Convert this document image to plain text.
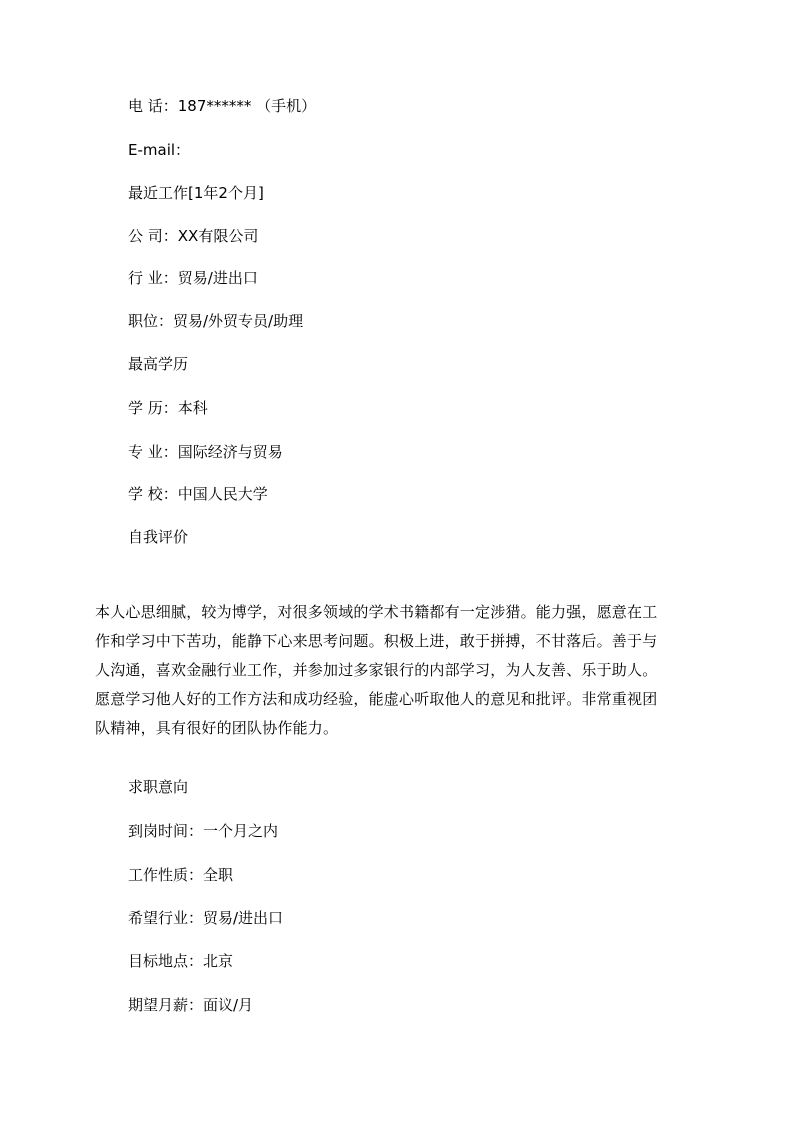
电 话：187****** （手机）
E-mail：
最近工作[1年2个月]
公 司：XX有限公司
行 业：贸易/进出口
职位：贸易/外贸专员/助理
最高学历
学 历：本科
专 业：国际经济与贸易
学 校：中国人民大学
自我评价
本人心思细腻，较为博学，对很多领域的学术书籍都有一定涉猎。能力强，愿意在工
作和学习中下苦功，能静下心来思考问题。积极上进，敢于拼搏，不甘落后。善于与
人沟通，喜欢金融行业工作，并参加过多家银行的内部学习，为人友善、乐于助人。
愿意学习他人好的工作方法和成功经验，能虚心听取他人的意见和批评。非常重视团
队精神，具有很好的团队协作能力。
求职意向
到岗时间：一个月之内
工作性质：全职
希望行业：贸易/进出口
目标地点：北京
期望月薪：面议/月
